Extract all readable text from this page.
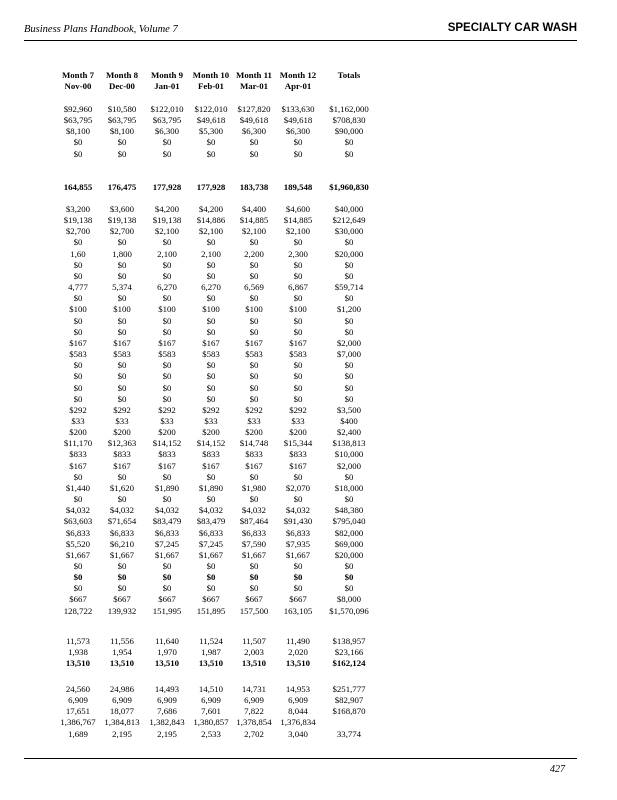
Business Plans Handbook, Volume 7	SPECIALTY CAR WASH
Month 7	Month 8	Month 9	Month 10	Month 11	Month 12	Totals
Nov-00	Dec-00	Jan-01	Feb-01	Mar-01	Apr-01	
$92,960	$10,580	$122,010	$122,010	$127,820	$133,630	$1,162,000
$63,795	$63,795	$63,795	$49,618	$49,618	$49,618	$708,830
$8,100	$8,100	$6,300	$5,300	$6,300	$6,300	$90,000
$0	$0	$0	$0	$0	$0	$0
$0	$0	$0	$0	$0	$0	$0
164,855	176,475	177,928	177,928	183,738	189,548	$1,960,830
$3,200	$3,600	$4,200	$4,200	$4,400	$4,600	$40,000
$19,138	$19,138	$19,138	$14,886	$14,885	$14,885	$212,649
$2,700	$2,700	$2,100	$2,100	$2,100	$2,100	$30,000
$0	$0	$0	$0	$0	$0	$0
1,60	1,800	2,100	2,100	2,200	2,300	$20,000
$0	$0	$0	$0	$0	$0	$0
$0	$0	$0	$0	$0	$0	$0
4,777	5,374	6,270	6,270	6,569	6,867	$59,714
$0	$0	$0	$0	$0	$0	$0
$100	$100	$100	$100	$100	$100	$1,200
$0	$0	$0	$0	$0	$0	$0
$0	$0	$0	$0	$0	$0	$0
$167	$167	$167	$167	$167	$167	$2,000
$583	$583	$583	$583	$583	$583	$7,000
$0	$0	$0	$0	$0	$0	$0
$0	$0	$0	$0	$0	$0	$0
$0	$0	$0	$0	$0	$0	$0
$0	$0	$0	$0	$0	$0	$0
$292	$292	$292	$292	$292	$292	$3,500
$33	$33	$33	$33	$33	$33	$400
$200	$200	$200	$200	$200	$200	$2,400
$11,170	$12,363	$14,152	$14,152	$14,748	$15,344	$138,813
$833	$833	$833	$833	$833	$833	$10,000
$167	$167	$167	$167	$167	$167	$2,000
$0	$0	$0	$0	$0	$0	$0
$1,440	$1,620	$1,890	$1,890	$1,980	$2,070	$18,000
$0	$0	$0	$0	$0	$0	$0
$4,032	$4,032	$4,032	$4,032	$4,032	$4,032	$48,380
$63,603	$71,654	$83,479	$83,479	$87,464	$91,430	$795,040
$6,833	$6,833	$6,833	$6,833	$6,833	$6,833	$82,000
$5,520	$6,210	$7,245	$7,245	$7,590	$7,935	$69,000
$1,667	$1,667	$1,667	$1,667	$1,667	$1,667	$20,000
$0	$0	$0	$0	$0	$0	$0
$0	$0	$0	$0	$0	$0	$0
$0	$0	$0	$0	$0	$0	$0
$667	$667	$667	$667	$667	$667	$8,000
128,722	139,932	151,995	151,895	157,500	163,105	$1,570,096
11,573	11,556	11,640	11,524	11,507	11,490	$138,957
1,938	1,954	1,970	1,987	2,003	2,020	$23,166
13,510	13,510	13,510	13,510	13,510	13,510	$162,124
24,560	24,986	14,493	14,510	14,731	14,953	$251,777
6,909	6,909	6,909	6,909	6,909	6,909	$82,907
17,651	18,077	7,686	7,601	7,822	8,044	$168,870
1,386,767	1,384,813	1,382,843	1,380,857	1,378,854	1,376,834	
1,689	2,195	2,195	2,533	2,702	3,040	33,774
427
